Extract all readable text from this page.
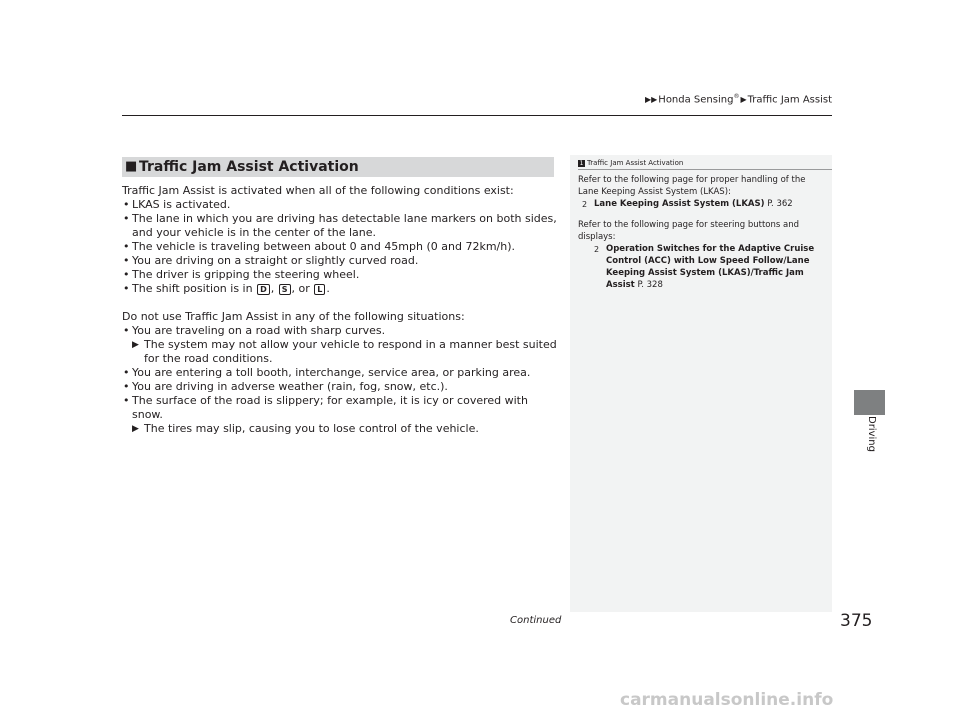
▶▶Honda Sensing®▶Traffic Jam Assist
■ Traffic Jam Assist Activation

Traffic Jam Assist is activated when all of the following conditions exist:

• LKAS is activated.
• The lane in which you are driving has detectable lane markers on both sides, and your vehicle is in the center of the lane.
• The vehicle is traveling between about 0 and 45mph (0 and 72km/h).
• You are driving on a straight or slightly curved road.
• The driver is gripping the steering wheel.
• The shift position is in D , S , or L .

Do not use Traffic Jam Assist in any of the following situations:

• You are traveling on a road with sharp curves.
▶ The system may not allow your vehicle to respond in a manner best suited for the road conditions.
• You are entering a toll booth, interchange, service area, or parking area.
• You are driving in adverse weather (rain, fog, snow, etc.).
• The surface of the road is slippery; for example, it is icy or covered with snow.
▶ The tires may slip, causing you to lose control of the vehicle.
1 Traffic Jam Assist Activation

Refer to the following page for proper handling of the Lane Keeping Assist System (LKAS):

2 Lane Keeping Assist System (LKAS) P. 362

Refer to the following page for steering buttons and displays:

2 Operation Switches for the Adaptive Cruise Control (ACC) with Low Speed Follow/Lane Keeping Assist System (LKAS)/Traffic Jam Assist P. 328
Driving
Continued	375
carmanualsonline.info
